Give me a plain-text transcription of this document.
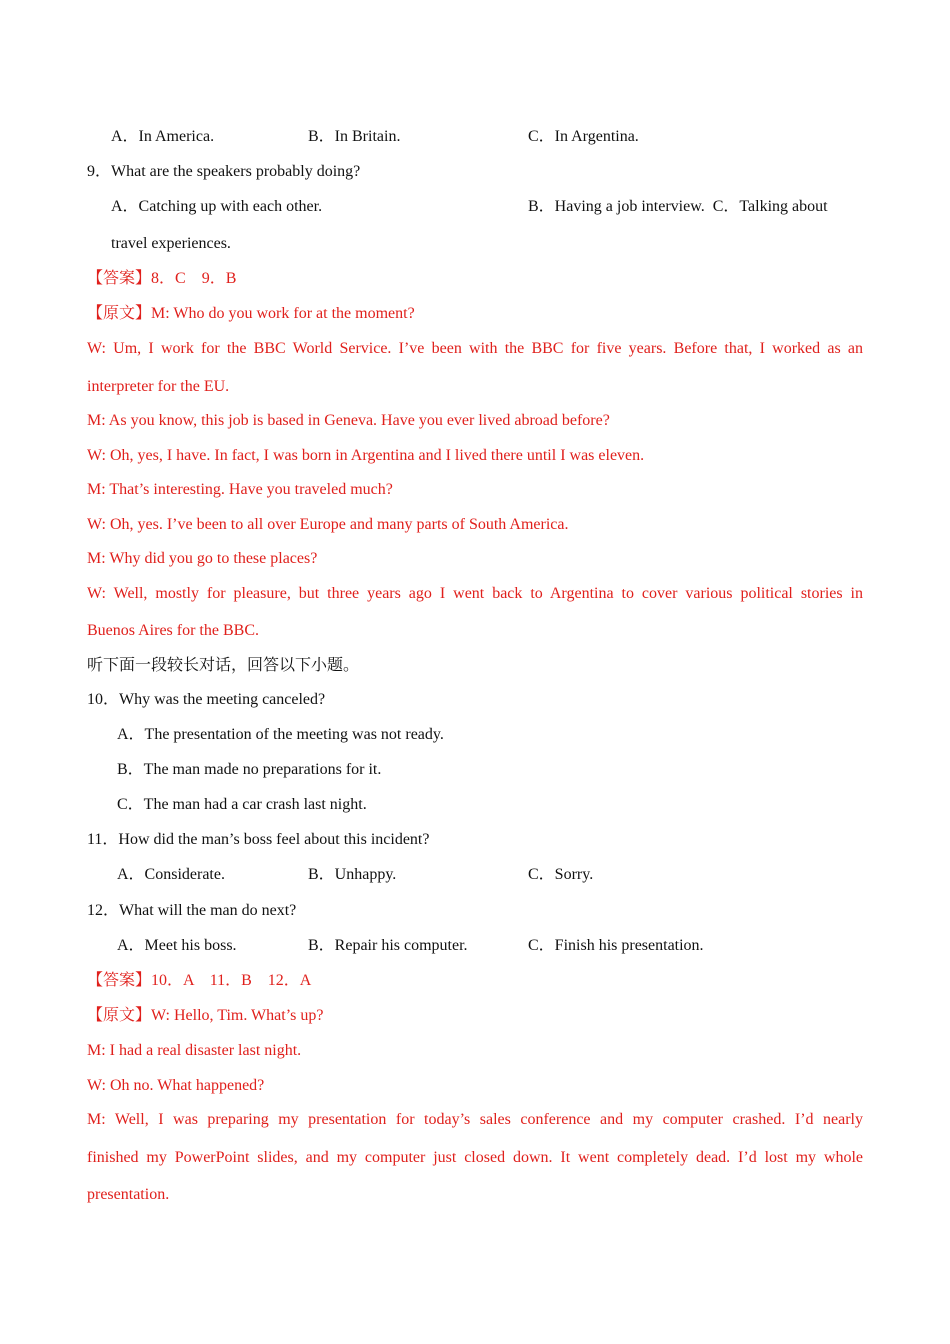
A．In America.	B．In Britain.	C．In Argentina.
9．What are the speakers probably doing?
A．Catching up with each other.	B．Having a job interview. C．Talking about
travel experiences.
【答案】8．C    9．B
【原文】M: Who do you work for at the moment?
W: Um, I work for the BBC World Service. I’ve been with the BBC for five years. Before that, I worked as an
interpreter for the EU.
M: As you know, this job is based in Geneva. Have you ever lived abroad before?
W: Oh, yes, I have. In fact, I was born in Argentina and I lived there until I was eleven.
M: That’s interesting. Have you traveled much?
W: Oh, yes. I’ve been to all over Europe and many parts of South America.
M: Why did you go to these places?
W: Well, mostly for pleasure, but three years ago I went back to Argentina to cover various political stories in
Buenos Aires for the BBC.
听下面一段较长对话，回答以下小题。
10．Why was the meeting canceled?
A．The presentation of the meeting was not ready.
B．The man made no preparations for it.
C．The man had a car crash last night.
11．How did the man’s boss feel about this incident?
A．Considerate.	B．Unhappy.	C．Sorry.
12．What will the man do next?
A．Meet his boss.	B．Repair his computer.	C．Finish his presentation.
【答案】10．A    11．B    12．A
【原文】W: Hello, Tim. What’s up?
M: I had a real disaster last night.
W: Oh no. What happened?
M: Well, I was preparing my presentation for today’s sales conference and my computer crashed. I’d nearly
finished my PowerPoint slides, and my computer just closed down. It went completely dead. I’d lost my whole
presentation.
